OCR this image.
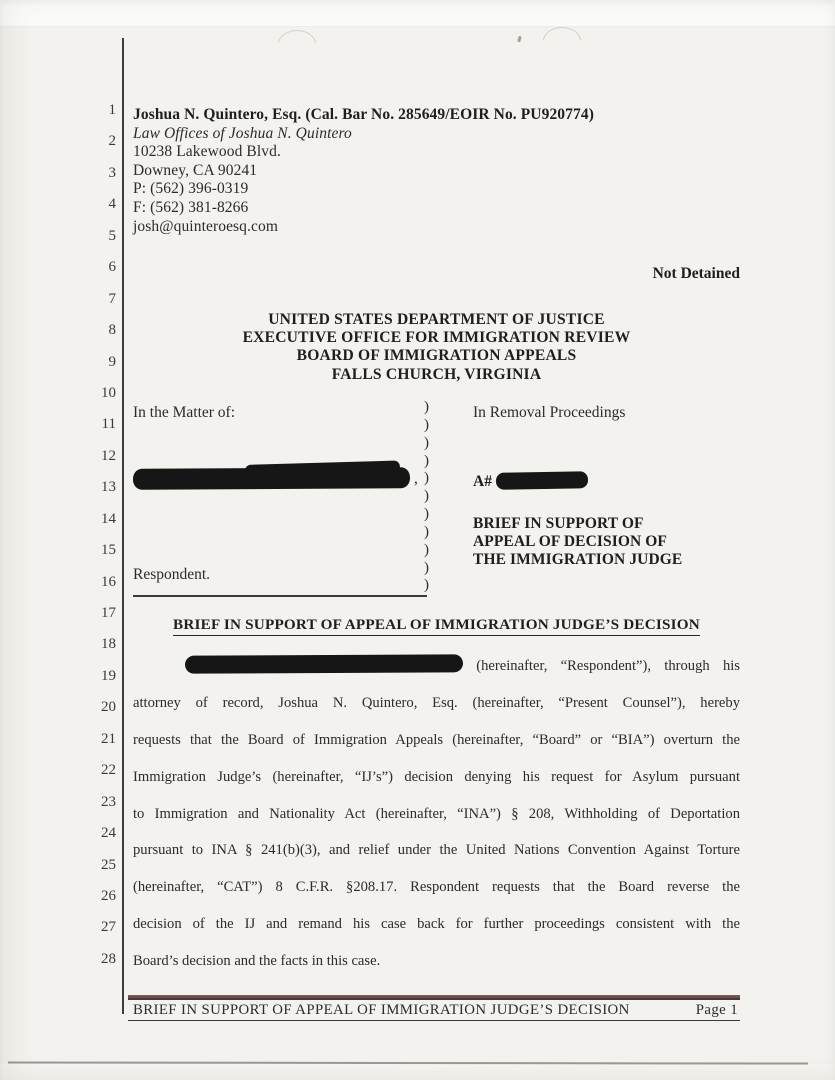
1
2
3
4
5
6
7
8
9
10
11
12
13
14
15
16
17
18
19
20
21
22
23
24
25
26
27
28
Joshua N. Quintero, Esq. (Cal. Bar No. 285649/EOIR No. PU920774)
Law Offices of Joshua N. Quintero
10238 Lakewood Blvd.
Downey, CA 90241
P: (562) 396-0319
F: (562) 381-8266
josh@quinteroesq.com
Not Detained
UNITED STATES DEPARTMENT OF JUSTICE
EXECUTIVE OFFICE FOR IMMIGRATION REVIEW
BOARD OF IMMIGRATION APPEALS
FALLS CHURCH, VIRGINIA
In the Matter of:
,
Respondent.
)
)
)
)
)
)
)
)
)
)
)
In Removal Proceedings
A#
BRIEF IN SUPPORT OF
APPEAL OF DECISION OF
THE IMMIGRATION JUDGE
BRIEF IN SUPPORT OF APPEAL OF IMMIGRATION JUDGE’S DECISION
(hereinafter, “Respondent”), through his
attorney of record, Joshua N. Quintero, Esq. (hereinafter, “Present Counsel”), hereby
requests that the Board of Immigration Appeals (hereinafter, “Board” or “BIA”) overturn the
Immigration Judge’s (hereinafter, “IJ’s”) decision denying his request for Asylum pursuant
to Immigration and Nationality Act (hereinafter, “INA”) § 208, Withholding of Deportation
pursuant to INA § 241(b)(3), and relief under the United Nations Convention Against Torture
(hereinafter, “CAT”) 8 C.F.R. §208.17. Respondent requests that the Board reverse the
decision of the IJ and remand his case back for further proceedings consistent with the
Board’s decision and the facts in this case.
BRIEF IN SUPPORT OF APPEAL OF IMMIGRATION JUDGE’S DECISION	Page 1
